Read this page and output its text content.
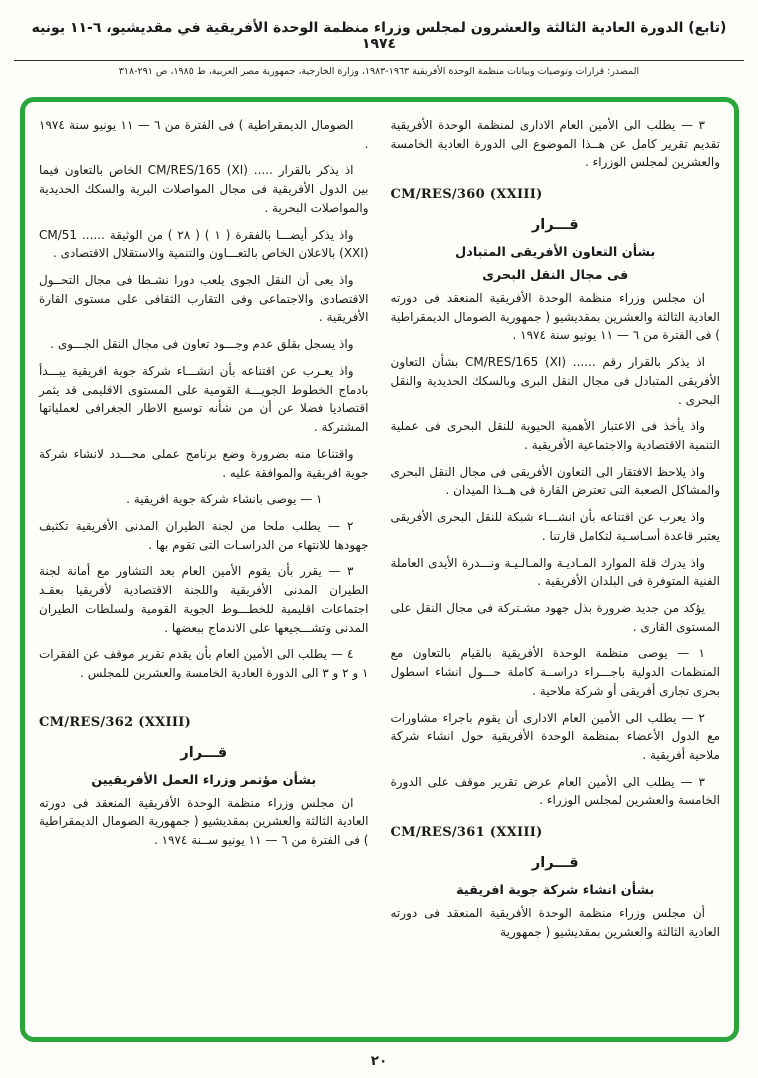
(تابع) الدورة العادية الثالثة والعشرون لمجلس وزراء منظمة الوحدة الأفريقية في مقديشيو، ٦-١١ يونيه ١٩٧٤
المصدر: قرارات وتوصيات وبيانات منظمة الوحدة الأفريقية ١٩٦٣-١٩٨٣، وزارة الخارجية، جمهورية مصر العربية، ط ١٩٨٥، ص ٢٩١-٣١٨
٣ — يطلب الى الأمين العام الادارى لمنظمة الوحدة الأفريقية تقديم تقرير كامل عن هــذا الموضوع الى الدورة العادية الخامسة والعشرين لمجلس الوزراء .
CM/RES/360 (XXIII)
قـــرار
بشأن التعاون الأفريقى المتبادل
فى مجال النقل البحرى
ان مجلس وزراء منظمة الوحدة الأفريقية المنعقد فى دورته العادية الثالثة والعشرين بمقديشيو ( جمهورية الصومال الديمقراطية ) فى الفترة من ٦ — ١١ يونيو سنة ١٩٧٤ .
اذ يذكر بالقرار رقم ...... CM/RES/165 (XI) بشأن التعاون الأفريقى المتبادل فى مجال النقل البرى وبالسكك الحديدية والنقل البحرى .
واذ يأخذ فى الاعتبار الأهمية الحيوية للنقل البحرى فى عملية التنمية الاقتصادية والاجتماعية الأفريقية .
واذ يلاحظ الافتقار الى التعاون الأفريقى فى مجال النقل البحرى والمشاكل الصعبة التى تعترض القارة فى هــذا الميدان .
واذ يعرب عن اقتناعه بأن انشـــاء شبكة للنقل البحرى الأفريقى يعتبر قاعدة أسـاسـية لتكامل قارتنا .
واذ يدرك قلة الموارد المـاديـة والمـالـيـة ونـــدرة الأيدى العاملة الفنية المتوفرة فى البلدان الأفريقية .
يؤكد من جديد ضرورة بذل جهود مشـتركة فى مجال النقل على المستوى القارى .
١ — يوصى منظمة الوحدة الأفريقية بالقيام بالتعاون مع المنظمات الدولية باجـــراء دراســة كاملة حـــول انشاء اسطول بحرى تجارى أفريقى أو شركة ملاحية .
٢ — يطلب الى الأمين العام الادارى أن يقوم باجراء مشاورات مع الدول الأعضاء بمنظمة الوحدة الأفريقية حول انشاء شركة ملاحية أفريقية .
٣ — يطلب الى الأمين العام عرض تقرير موقف على الدورة الخامسة والعشرين لمجلس الوزراء .
CM/RES/361 (XXIII)
قـــرار
بشأن انشاء شركة جوية افريقية
أن مجلس وزراء منظمة الوحدة الأفريقية المنعقد فى دورته العادية الثالثة والعشرين بمقديشيو ( جمهورية
الصومال الديمقراطية ) فى الفترة من ٦ — ١١ يونيو سنة ١٩٧٤ .
اذ يذكر بالقرار ..... CM/RES/165 (XI) الخاص بالتعاون فيما بين الدول الأفريقية فى مجال المواصلات البرية والسكك الحديدية والمواصلات البحرية .
واذ يذكر أيضـــا بالفقرة ( ١ ) ( ٢٨ ) من الوثيقة ...... CM/51 (XXI) بالاعلان الخاص بالتعـــاون والتنمية والاستقلال الاقتصادى .
واذ يعى أن النقل الجوى يلعب دورا نشـطا فى مجال التحــول الاقتصادى والاجتماعى وفى التقارب الثقافى على مستوى القارة الأفريقية .
واذ يسجل بقلق عدم وجـــود تعاون فى مجال النقل الجـــوى .
واذ يعـرب عن اقتناعه بأن انشـــاء شركة جوية افريقية يبـــدأ بادماج الخطوط الجويـــة القومية على المستوى الاقليمى قد يثمر اقتصاديا فضلا عن أن من شأنه توسيع الاطار الجغرافى لعملياتها المشتركة .
واقتناعا منه بضرورة وضع برنامج عملى محـــدد لانشاء شركة جوية افريقية والموافقة عليه .
١ — يوصى بانشاء شركة جوية افريقية .
٢ — يطلب ملحا من لجنة الطيران المدنى الأفريقية تكثيف جهودها للانتهاء من الدراسـات التى تقوم بها .
٣ — يقرر بأن يقوم الأمين العام بعد التشاور مع أمانة لجنة الطيران المدنى الأفريقية واللجنة الاقتصادية لأفريقيا بعقـد اجتماعات اقليمية للخطـــوط الجوية القومية ولسلطات الطيران المدنى وتشـــجيعها على الاندماج ببعضها .
٤ — يطلب الى الأمين العام بأن يقدم تقرير موقف عن الفقرات ١ و ٢ و ٣ الى الدورة العادية الخامسة والعشرين للمجلس .
CM/RES/362 (XXIII)
قـــرار
بشأن مؤتمر وزراء العمل الأفريقيين
ان مجلس وزراء منظمة الوحدة الأفريقية المنعقد فى دورته العادية الثالثة والعشرين بمقديشيو ( جمهورية الصومال الديمقراطية ) فى الفترة من ٦ — ١١ يونيو ســنة ١٩٧٤ .
٢٠
